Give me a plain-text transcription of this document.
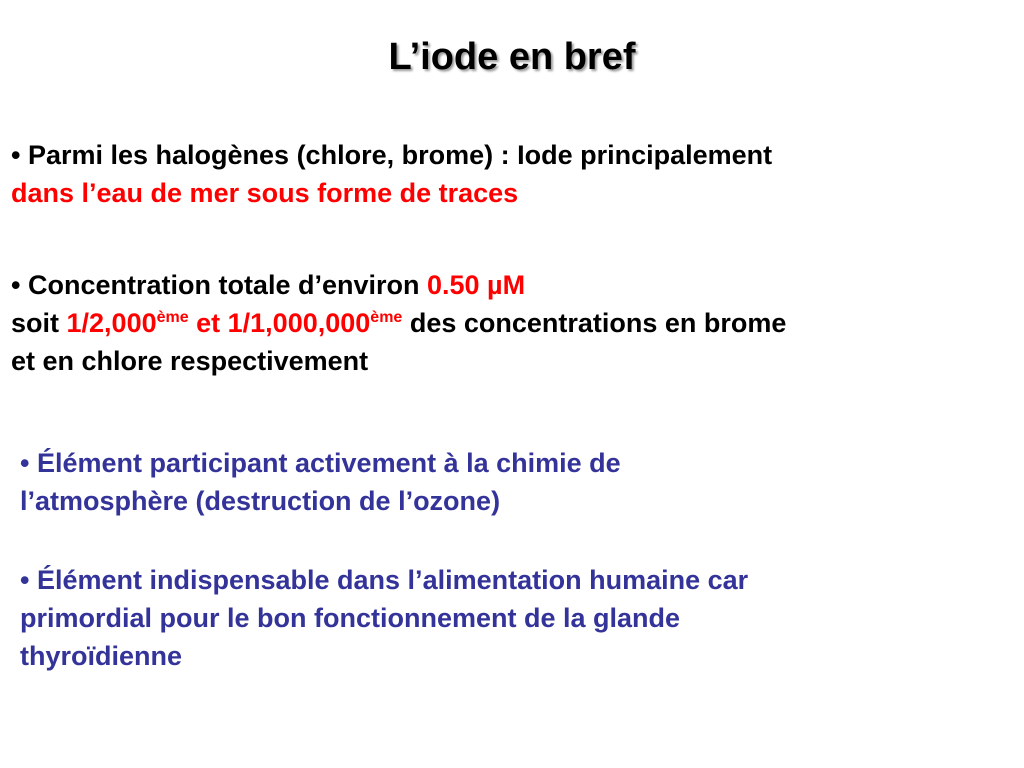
L’iode en bref
• Parmi les halogènes (chlore, brome) : Iode principalement
dans l’eau de mer sous forme de traces
• Concentration totale d’environ 0.50 µM
soit 1/2,000ème et 1/1,000,000ème des concentrations en brome
et en chlore respectivement
• Élément participant activement à la chimie de
l’atmosphère (destruction de l’ozone)
• Élément indispensable dans l’alimentation humaine car
primordial pour le bon fonctionnement de la glande
thyroïdienne
